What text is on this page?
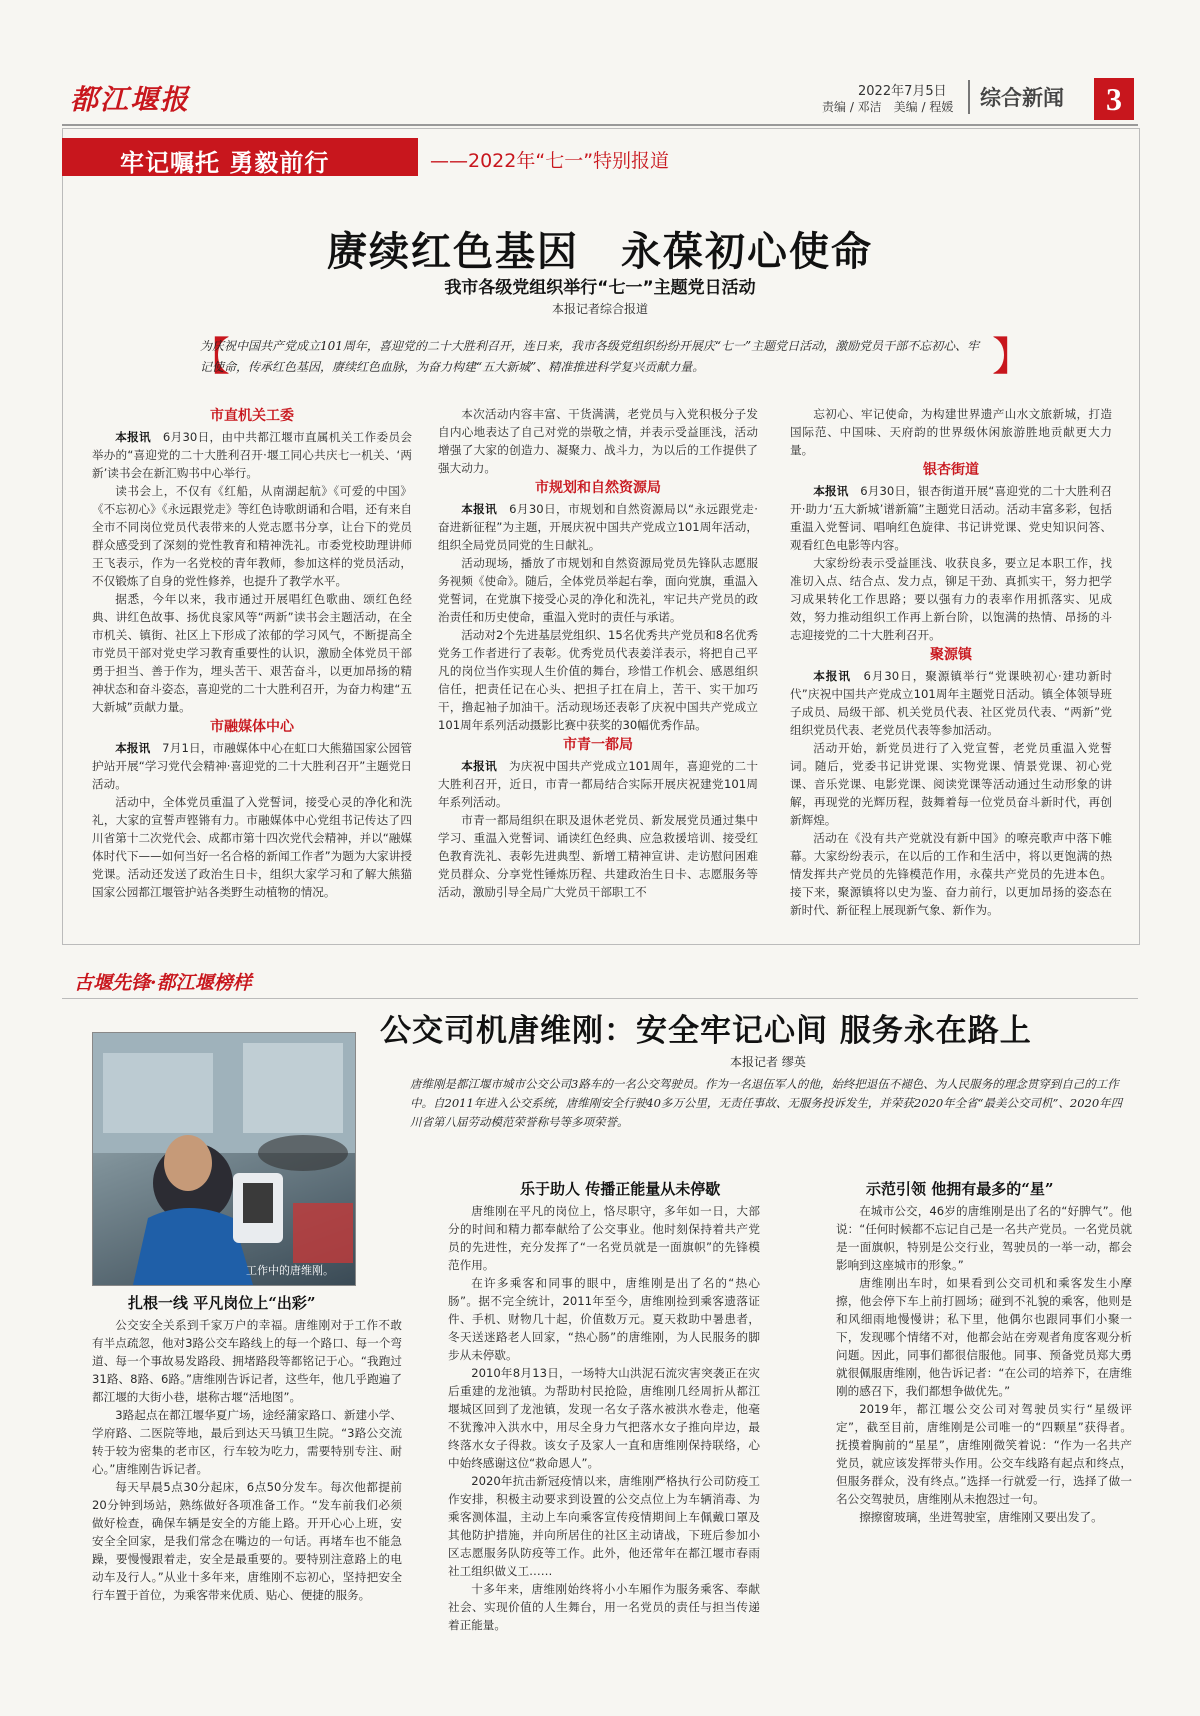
都江堰报	2022年7月5日
责编 / 邓洁　美编 / 程媛 综合新闻	3
牢记嘱托 勇毅前行	——2022年“七一”特别报道
赓续红色基因　永葆初心使命
我市各级党组织举行“七一”主题党日活动
本报记者综合报道
【
为庆祝中国共产党成立101周年，喜迎党的二十大胜利召开，连日来，我市各级党组织纷纷开展庆“七一”主题党日活动，激励党员干部不忘初心、牢记使命，传承红色基因，赓续红色血脉，为奋力构建“五大新城”、精准推进科学复兴贡献力量。	】
市直机关工委

本报讯　6月30日，由中共都江堰市直属机关工作委员会举办的“喜迎党的二十大胜利召开·堰工同心共庆七一机关、‘两新’读书会在新汇购书中心举行。

读书会上，不仅有《红船，从南湖起航》《可爱的中国》《不忘初心》《永远跟党走》等红色诗歌朗诵和合唱，还有来自全市不同岗位党员代表带来的人党志愿书分享，让台下的党员群众感受到了深刻的党性教育和精神洗礼。市委党校助理讲师王飞表示，作为一名党校的青年教师，参加这样的党员活动，不仅锻炼了自身的党性修养，也提升了教学水平。

据悉，今年以来，我市通过开展唱红色歌曲、颂红色经典、讲红色故事、扬优良家风等“两新”读书会主题活动，在全市机关、镇街、社区上下形成了浓郁的学习风气，不断提高全市党员干部对党史学习教育重要性的认识，激励全体党员干部勇于担当、善于作为，埋头苦干、艰苦奋斗，以更加昂扬的精神状态和奋斗姿态，喜迎党的二十大胜利召开，为奋力构建“五大新城”贡献力量。

市融媒体中心

本报讯　7月1日，市融媒体中心在虹口大熊猫国家公园管护站开展“学习党代会精神·喜迎党的二十大胜利召开”主题党日活动。

活动中，全体党员重温了入党誓词，接受心灵的净化和洗礼，大家的宣誓声铿锵有力。市融媒体中心党组书记传达了四川省第十二次党代会、成都市第十四次党代会精神，并以“融媒体时代下——如何当好一名合格的新闻工作者”为题为大家讲授党课。活动还发送了政治生日卡，组织大家学习和了解大熊猫国家公园都江堰管护站各类野生动植物的情况。

本次活动内容丰富、干货满满，老党员与入党积极分子发自内心地表达了自己对党的崇敬之情，并表示受益匪浅，活动增强了大家的创造力、凝聚力、战斗力，为以后的工作提供了强大动力。

市规划和自然资源局

本报讯　6月30日，市规划和自然资源局以“永远跟党走·奋进新征程”为主题，开展庆祝中国共产党成立101周年活动，组织全局党员同党的生日献礼。

活动现场，播放了市规划和自然资源局党员先锋队志愿服务视频《使命》。随后，全体党员举起右拳，面向党旗，重温入党誓词，在党旗下接受心灵的净化和洗礼，牢记共产党员的政治责任和历史使命，重温入党时的责任与承诺。

活动对2个先进基层党组织、15名优秀共产党员和8名优秀党务工作者进行了表彰。优秀党员代表姜洋表示，将把自己平凡的岗位当作实现人生价值的舞台，珍惜工作机会、感恩组织信任，把责任记在心头、把担子扛在肩上，苦干、实干加巧干，撸起袖子加油干。活动现场还表彰了庆祝中国共产党成立101周年系列活动摄影比赛中获奖的30幅优秀作品。

市青一都局

本报讯　为庆祝中国共产党成立101周年，喜迎党的二十大胜利召开，近日，市青一都局结合实际开展庆祝建党101周年系列活动。

市青一都局组织在职及退休老党员、新发展党员通过集中学习、重温入党誓词、诵读红色经典、应急救援培训、接受红色教育洗礼、表彰先进典型、新增工精神宣讲、走访慰问困难党员群众、分享党性锤炼历程、共建政治生日卡、志愿服务等活动，激励引导全局广大党员干部职工不

忘初心、牢记使命，为构建世界遗产山水文旅新城，打造国际范、中国味、天府韵的世界级休闲旅游胜地贡献更大力量。

银杏街道

本报讯　6月30日，银杏街道开展“喜迎党的二十大胜利召开·助力‘五大新城’谱新篇”主题党日活动。活动丰富多彩，包括重温入党誓词、唱响红色旋律、书记讲党课、党史知识问答、观看红色电影等内容。

大家纷纷表示受益匪浅、收获良多，要立足本职工作，找准切入点、结合点、发力点，铆足干劲、真抓实干，努力把学习成果转化工作思路；要以强有力的表率作用抓落实、见成效，努力推动组织工作再上新台阶，以饱满的热情、昂扬的斗志迎接党的二十大胜利召开。

聚源镇

本报讯　6月30日，聚源镇举行“党课映初心·建功新时代”庆祝中国共产党成立101周年主题党日活动。镇全体领导班子成员、局级干部、机关党员代表、社区党员代表、“两新”党组织党员代表、老党员代表等参加活动。

活动开始，新党员进行了入党宣誓，老党员重温入党誓词。随后，党委书记讲党课、实物党课、情景党课、初心党课、音乐党课、电影党课、阅读党课等活动通过生动形象的讲解，再现党的光辉历程，鼓舞着每一位党员奋斗新时代，再创新辉煌。

活动在《没有共产党就没有新中国》的嘹亮歌声中落下帷幕。大家纷纷表示，在以后的工作和生活中，将以更饱满的热情发挥共产党员的先锋模范作用，永葆共产党员的先进本色。接下来，聚源镇将以史为鉴、奋力前行，以更加昂扬的姿态在新时代、新征程上展现新气象、新作为。

古堰先锋·都江堰榜样
公交司机唐维刚：安全牢记心间 服务永在路上
本报记者 缪英
唐维刚是都江堰市城市公交公司3路车的一名公交驾驶员。作为一名退伍军人的他，始终把退伍不褪色、为人民服务的理念贯穿到自己的工作中。自2011年进入公交系统，唐维刚安全行驶40多万公里，无责任事故、无服务投诉发生，并荣获2020年全省“最美公交司机”、2020年四川省第八届劳动模范荣誉称号等多项荣誉。
工作中的唐维刚。
扎根一线 平凡岗位上“出彩”

公交安全关系到千家万户的幸福。唐维刚对于工作不敢有半点疏忽，他对3路公交车路线上的每一个路口、每一个弯道、每一个事故易发路段、拥堵路段等都铭记于心。“我跑过31路、8路、6路。”唐维刚告诉记者，这些年，他几乎跑遍了都江堰的大街小巷，堪称古堰“活地图”。

3路起点在都江堰华夏广场，途经蒲家路口、新建小学、学府路、二医院等地，最后到达天马镇卫生院。“3路公交流转于较为密集的老市区，行车较为吃力，需要特别专注、耐心。”唐维刚告诉记者。

每天早晨5点30分起床，6点50分发车。每次他都提前20分钟到场站，熟练做好各项准备工作。“发车前我们必须做好检查，确保车辆是安全的方能上路。开开心心上班，安安全全回家，是我们常念在嘴边的一句话。再堵车也不能急躁，要慢慢跟着走，安全是最重要的。要特别注意路上的电动车及行人。”从业十多年来，唐维刚不忘初心，坚持把安全行车置于首位，为乘客带来优质、贴心、便捷的服务。

乐于助人 传播正能量从未停歇

唐维刚在平凡的岗位上，恪尽职守，多年如一日，大部分的时间和精力都奉献给了公交事业。他时刻保持着共产党员的先进性，充分发挥了“一名党员就是一面旗帜”的先锋模范作用。

在许多乘客和同事的眼中，唐维刚是出了名的“热心肠”。据不完全统计，2011年至今，唐维刚捡到乘客遗落证件、手机、财物几十起，价值数万元。夏天救助中暑患者，冬天送迷路老人回家，“热心肠”的唐维刚，为人民服务的脚步从未停歇。

2010年8月13日，一场特大山洪泥石流灾害突袭正在灾后重建的龙池镇。为帮助村民抢险，唐维刚几经周折从都江堰城区回到了龙池镇，发现一名女子落水被洪水卷走，他毫不犹豫冲入洪水中，用尽全身力气把落水女子推向岸边，最终落水女子得救。该女子及家人一直和唐维刚保持联络，心中始终感谢这位“救命恩人”。

2020年抗击新冠疫情以来，唐维刚严格执行公司防疫工作安排，积极主动要求到设置的公交点位上为车辆消毒、为乘客测体温，主动上车向乘客宣传疫情期间上车佩戴口罩及其他防护措施，并向所居住的社区主动请战，下班后参加小区志愿服务队防疫等工作。此外，他还常年在都江堰市春雨社工组织做义工……

十多年来，唐维刚始终将小小车厢作为服务乘客、奉献社会、实现价值的人生舞台，用一名党员的责任与担当传递着正能量。

示范引领 他拥有最多的“星”

在城市公交，46岁的唐维刚是出了名的“好脾气”。他说：“任何时候都不忘记自己是一名共产党员。一名党员就是一面旗帜，特别是公交行业，驾驶员的一举一动，都会影响到这座城市的形象。”

唐维刚出车时，如果看到公交司机和乘客发生小摩擦，他会停下车上前打圆场；碰到不礼貌的乘客，他则是和风细雨地慢慢讲；私下里，他偶尔也跟同事们小聚一下，发现哪个情绪不对，他都会站在旁观者角度客观分析问题。因此，同事们都很信服他。同事、预备党员郑大勇就很佩服唐维刚，他告诉记者：“在公司的培养下，在唐维刚的感召下，我们都想争做优先。”

2019年，都江堰公交公司对驾驶员实行“星级评定”，截至目前，唐维刚是公司唯一的“四颗星”获得者。抚摸着胸前的“星星”，唐维刚微笑着说：“作为一名共产党员，就应该发挥带头作用。公交车线路有起点和终点，但服务群众，没有终点。”选择一行就爱一行，选择了做一名公交驾驶员，唐维刚从未抱怨过一句。

擦擦窗玻璃，坐进驾驶室，唐维刚又要出发了。
